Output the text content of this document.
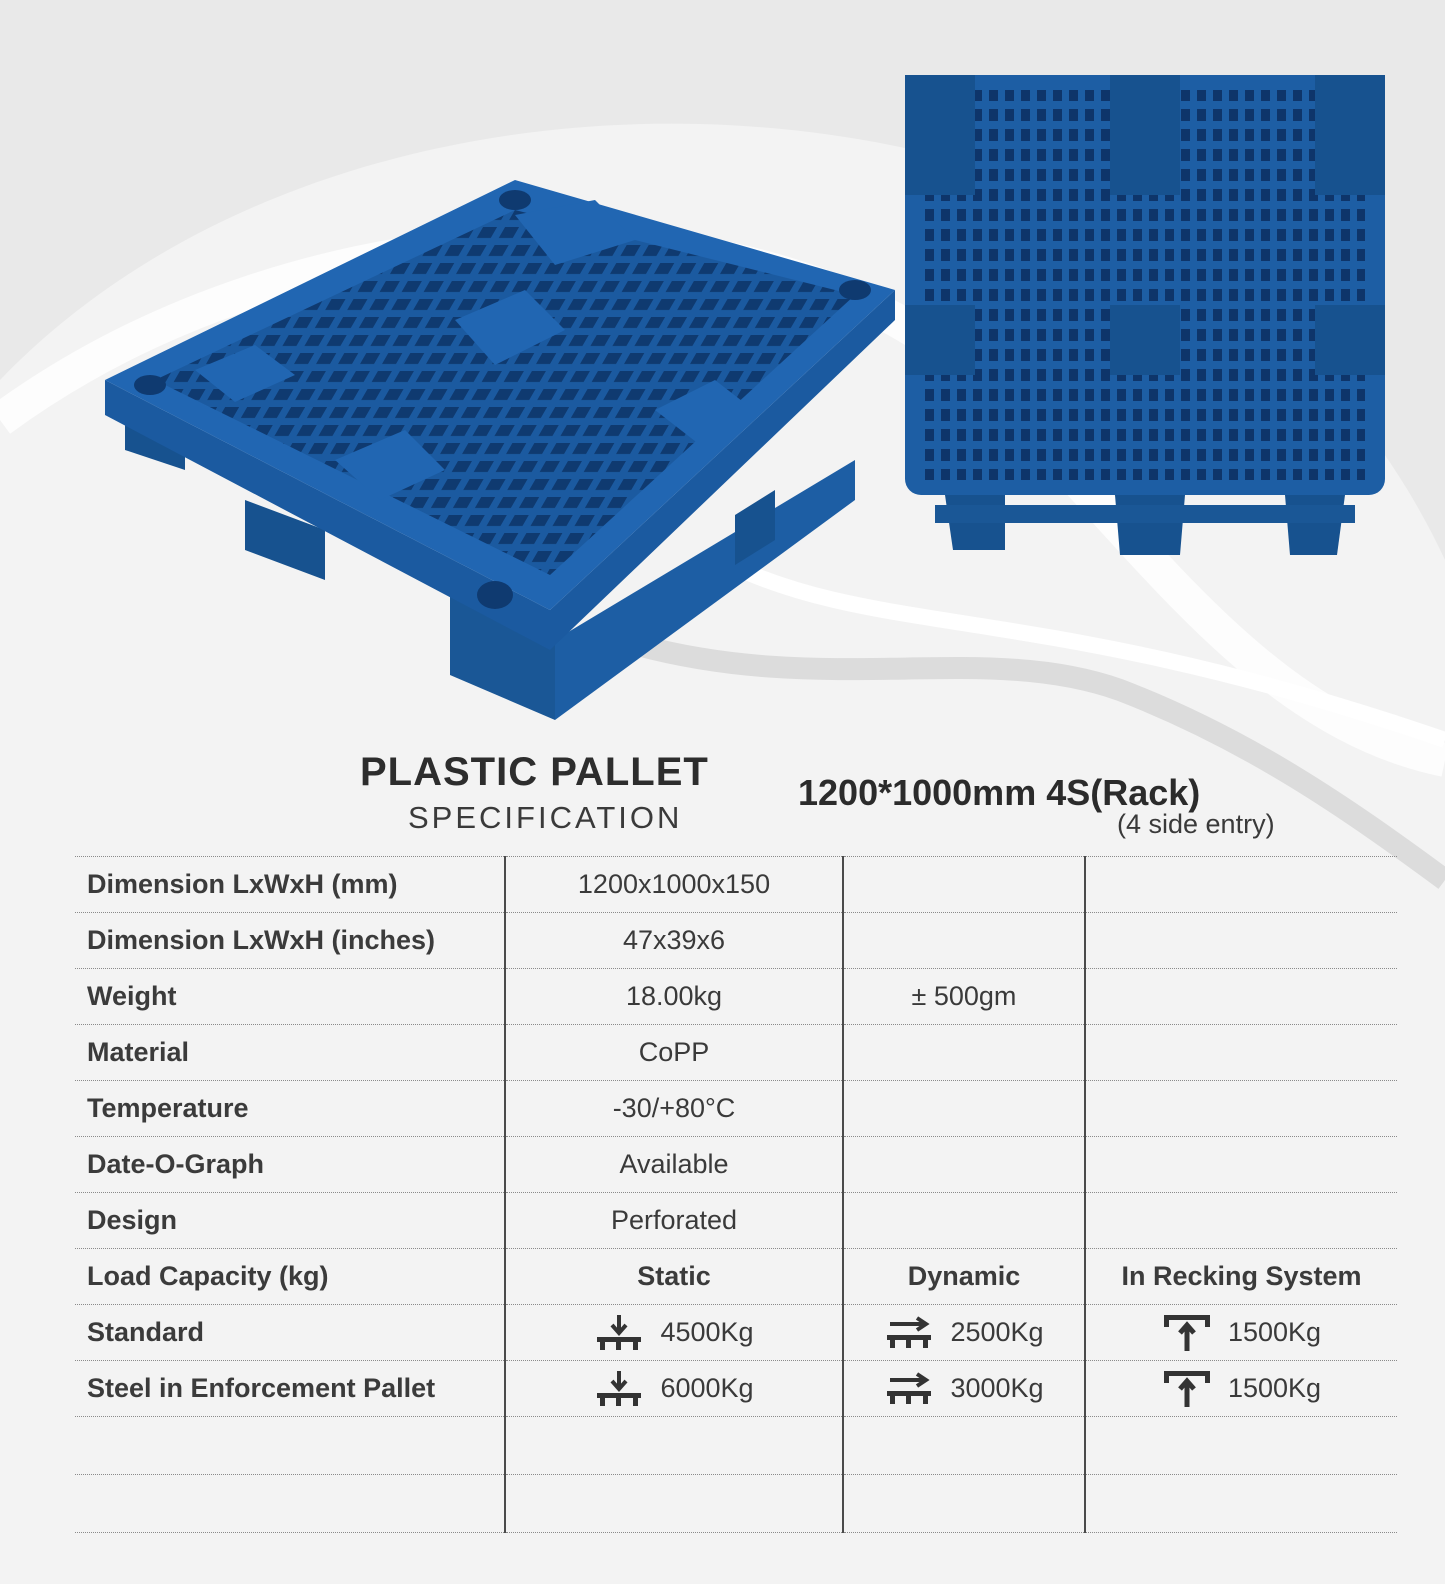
PLASTIC PALLET
SPECIFICATION
1200*1000mm 4S(Rack)
(4 side entry)
Dimension LxWxH (mm)	1200x1000x150		
Dimension LxWxH (inches)	47x39x6		
Weight	18.00kg	± 500gm	
Material	CoPP		
Temperature	-30/+80°C		
Date-O-Graph	Available		
Design	Perforated		
Load Capacity (kg)	Static	Dynamic	In Recking System
Standard	4500Kg	2500Kg	1500Kg

Steel in Enforcement Pallet	6000Kg	3000Kg	1500Kg
